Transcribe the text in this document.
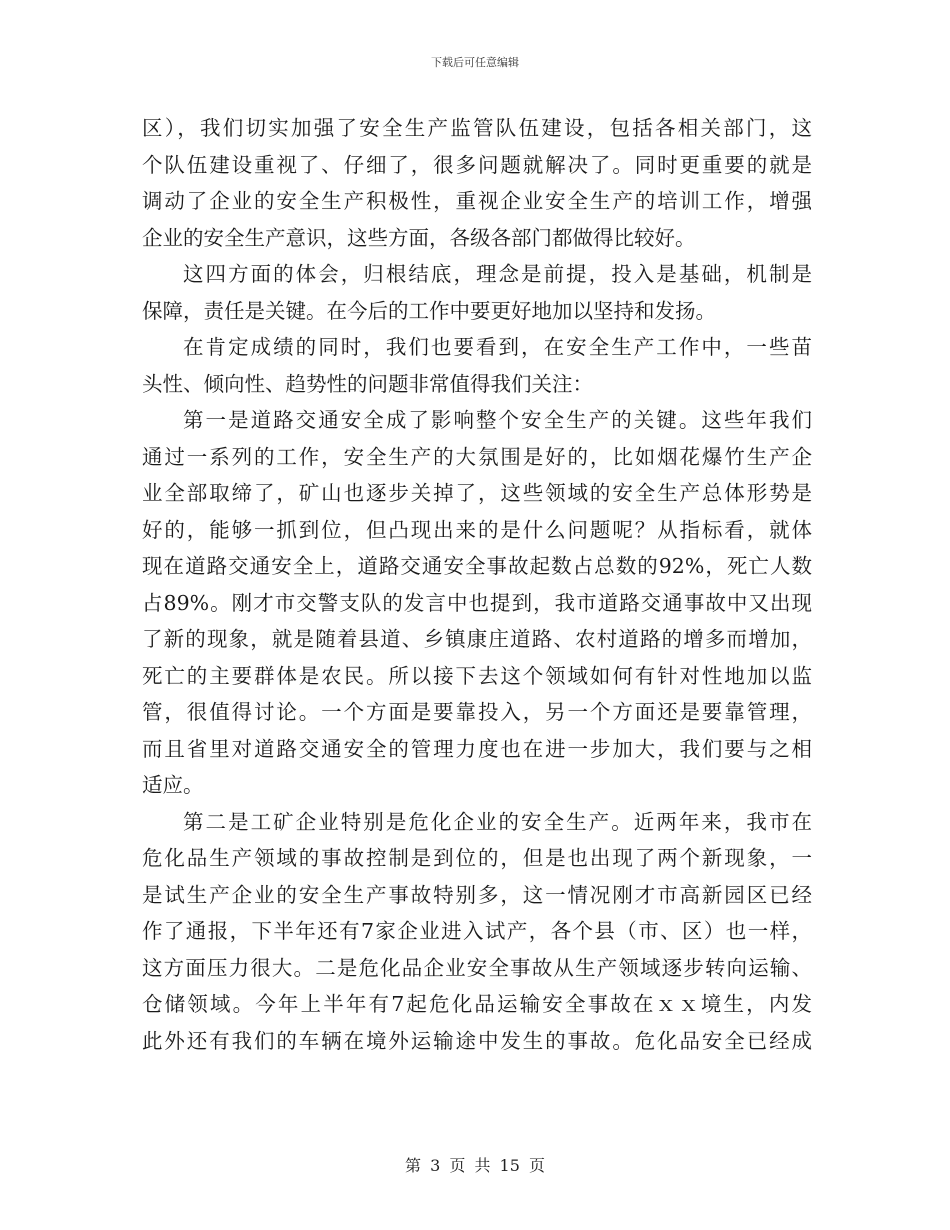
下载后可任意编辑
区），我们切实加强了安全生产监管队伍建设，包括各相关部门，这
个队伍建设重视了、仔细了，很多问题就解决了。同时更重要的就是
调动了企业的安全生产积极性，重视企业安全生产的培训工作，增强
企业的安全生产意识，这些方面，各级各部门都做得比较好。
这四方面的体会，归根结底，理念是前提，投入是基础，机制是
保障，责任是关键。在今后的工作中要更好地加以坚持和发扬。
在肯定成绩的同时，我们也要看到，在安全生产工作中，一些苗
头性、倾向性、趋势性的问题非常值得我们关注：
第一是道路交通安全成了影响整个安全生产的关键。这些年我们
通过一系列的工作，安全生产的大氛围是好的，比如烟花爆竹生产企
业全部取缔了，矿山也逐步关掉了，这些领域的安全生产总体形势是
好的，能够一抓到位，但凸现出来的是什么问题呢？从指标看，就体
现在道路交通安全上，道路交通安全事故起数占总数的92%，死亡人数
占89%。刚才市交警支队的发言中也提到，我市道路交通事故中又出现
了新的现象，就是随着县道、乡镇康庄道路、农村道路的增多而增加，
死亡的主要群体是农民。所以接下去这个领域如何有针对性地加以监
管，很值得讨论。一个方面是要靠投入，另一个方面还是要靠管理，
而且省里对道路交通安全的管理力度也在进一步加大，我们要与之相
适应。
第二是工矿企业特别是危化企业的安全生产。近两年来，我市在
危化品生产领域的事故控制是到位的，但是也出现了两个新现象，一
是试生产企业的安全生产事故特别多，这一情况刚才市高新园区已经
作了通报，下半年还有7家企业进入试产，各个县（市、区）也一样，
这方面压力很大。二是危化品企业安全事故从生产领域逐步转向运输、
仓储领域。今年上半年有7起危化品运输安全事故在ｘｘ境生，内发
此外还有我们的车辆在境外运输途中发生的事故。危化品安全已经成
第 3 页 共 15 页
